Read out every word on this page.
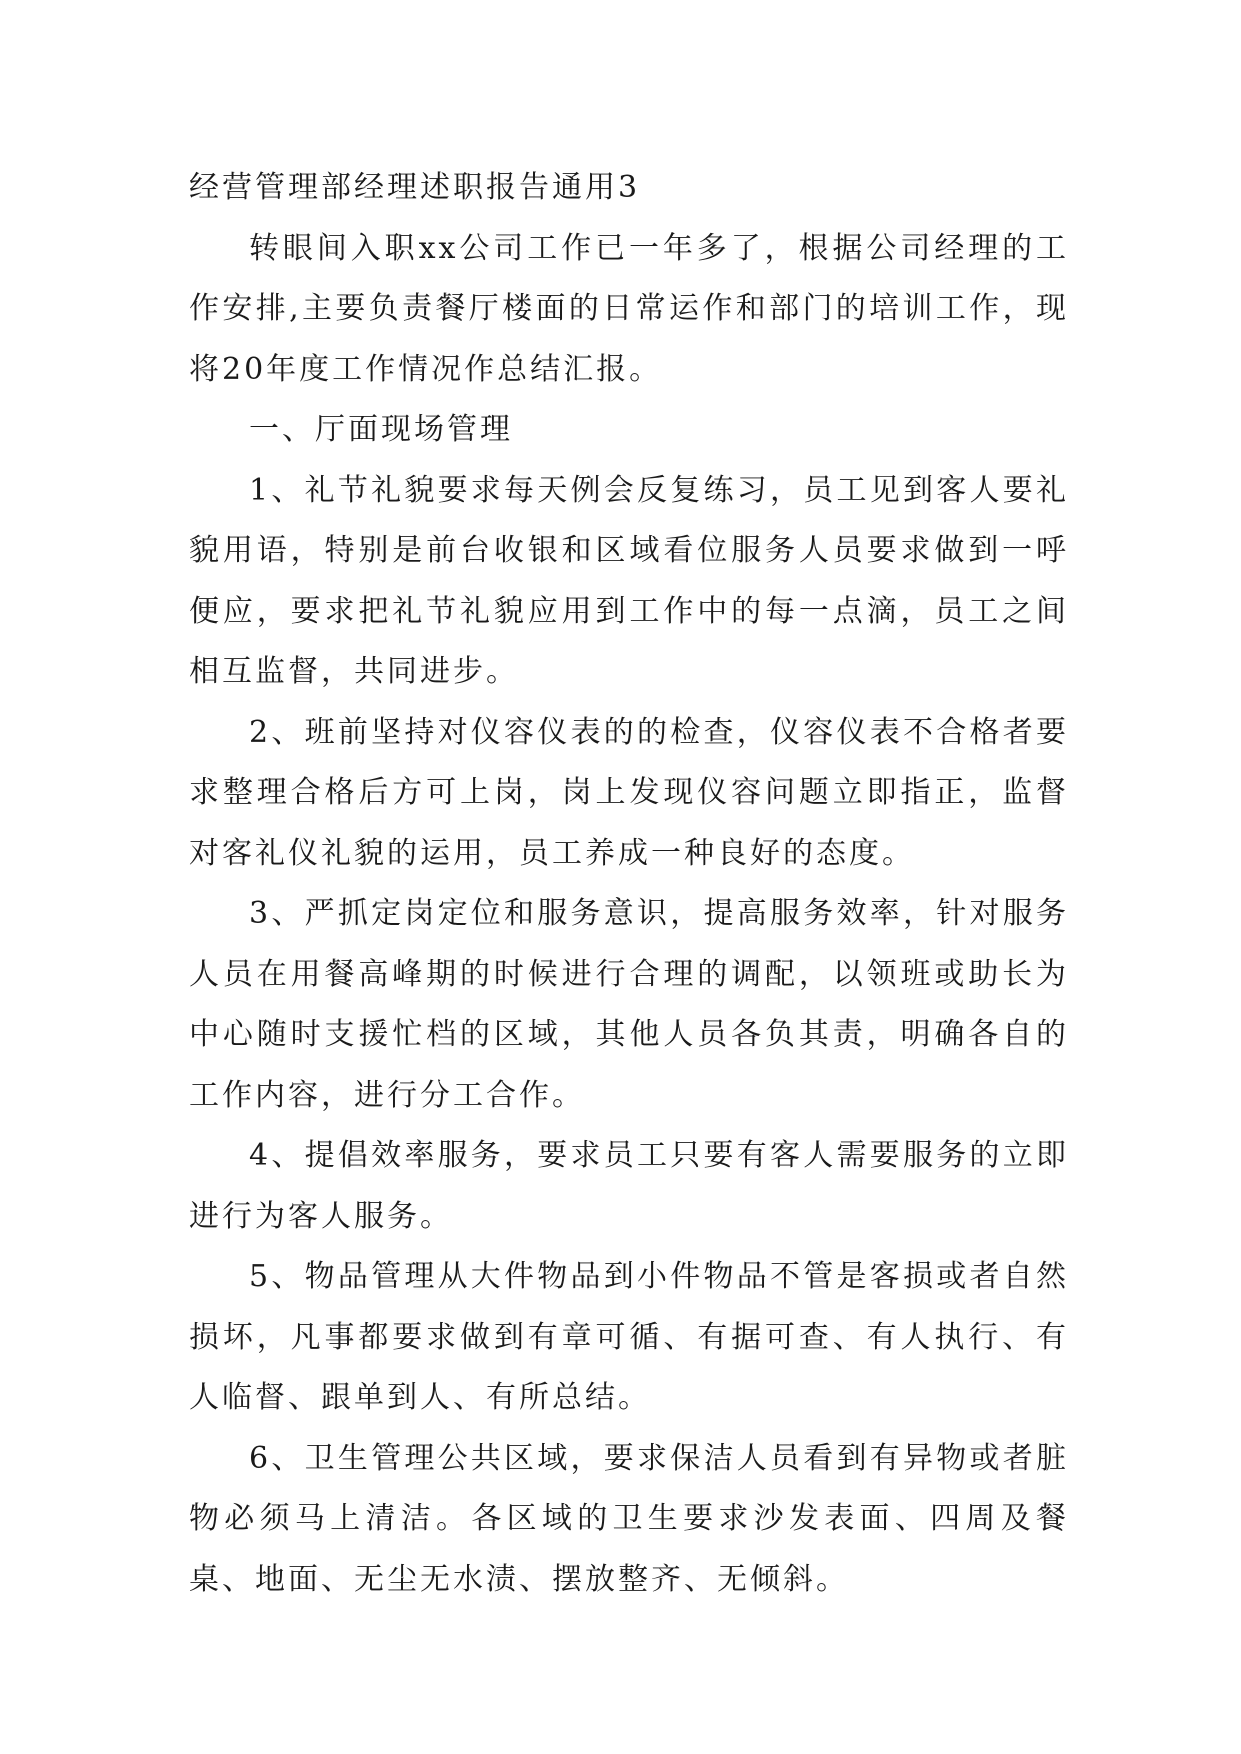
经营管理部经理述职报告通用3

转眼间入职xx公司工作已一年多了，根据公司经理的工作安排,主要负责餐厅楼面的日常运作和部门的培训工作，现将20年度工作情况作总结汇报。

一、厅面现场管理

1、礼节礼貌要求每天例会反复练习，员工见到客人要礼貌用语，特别是前台收银和区域看位服务人员要求做到一呼便应，要求把礼节礼貌应用到工作中的每一点滴，员工之间相互监督，共同进步。

2、班前坚持对仪容仪表的的检查，仪容仪表不合格者要求整理合格后方可上岗，岗上发现仪容问题立即指正，监督对客礼仪礼貌的运用，员工养成一种良好的态度。

3、严抓定岗定位和服务意识，提高服务效率，针对服务人员在用餐高峰期的时候进行合理的调配，以领班或助长为中心随时支援忙档的区域，其他人员各负其责，明确各自的工作内容，进行分工合作。

4、提倡效率服务，要求员工只要有客人需要服务的立即进行为客人服务。

5、物品管理从大件物品到小件物品不管是客损或者自然损坏，凡事都要求做到有章可循、有据可查、有人执行、有人临督、跟单到人、有所总结。

6、卫生管理公共区域，要求保洁人员看到有异物或者脏物必须马上清洁。各区域的卫生要求沙发表面、四周及餐桌、地面、无尘无水渍、摆放整齐、无倾斜。
